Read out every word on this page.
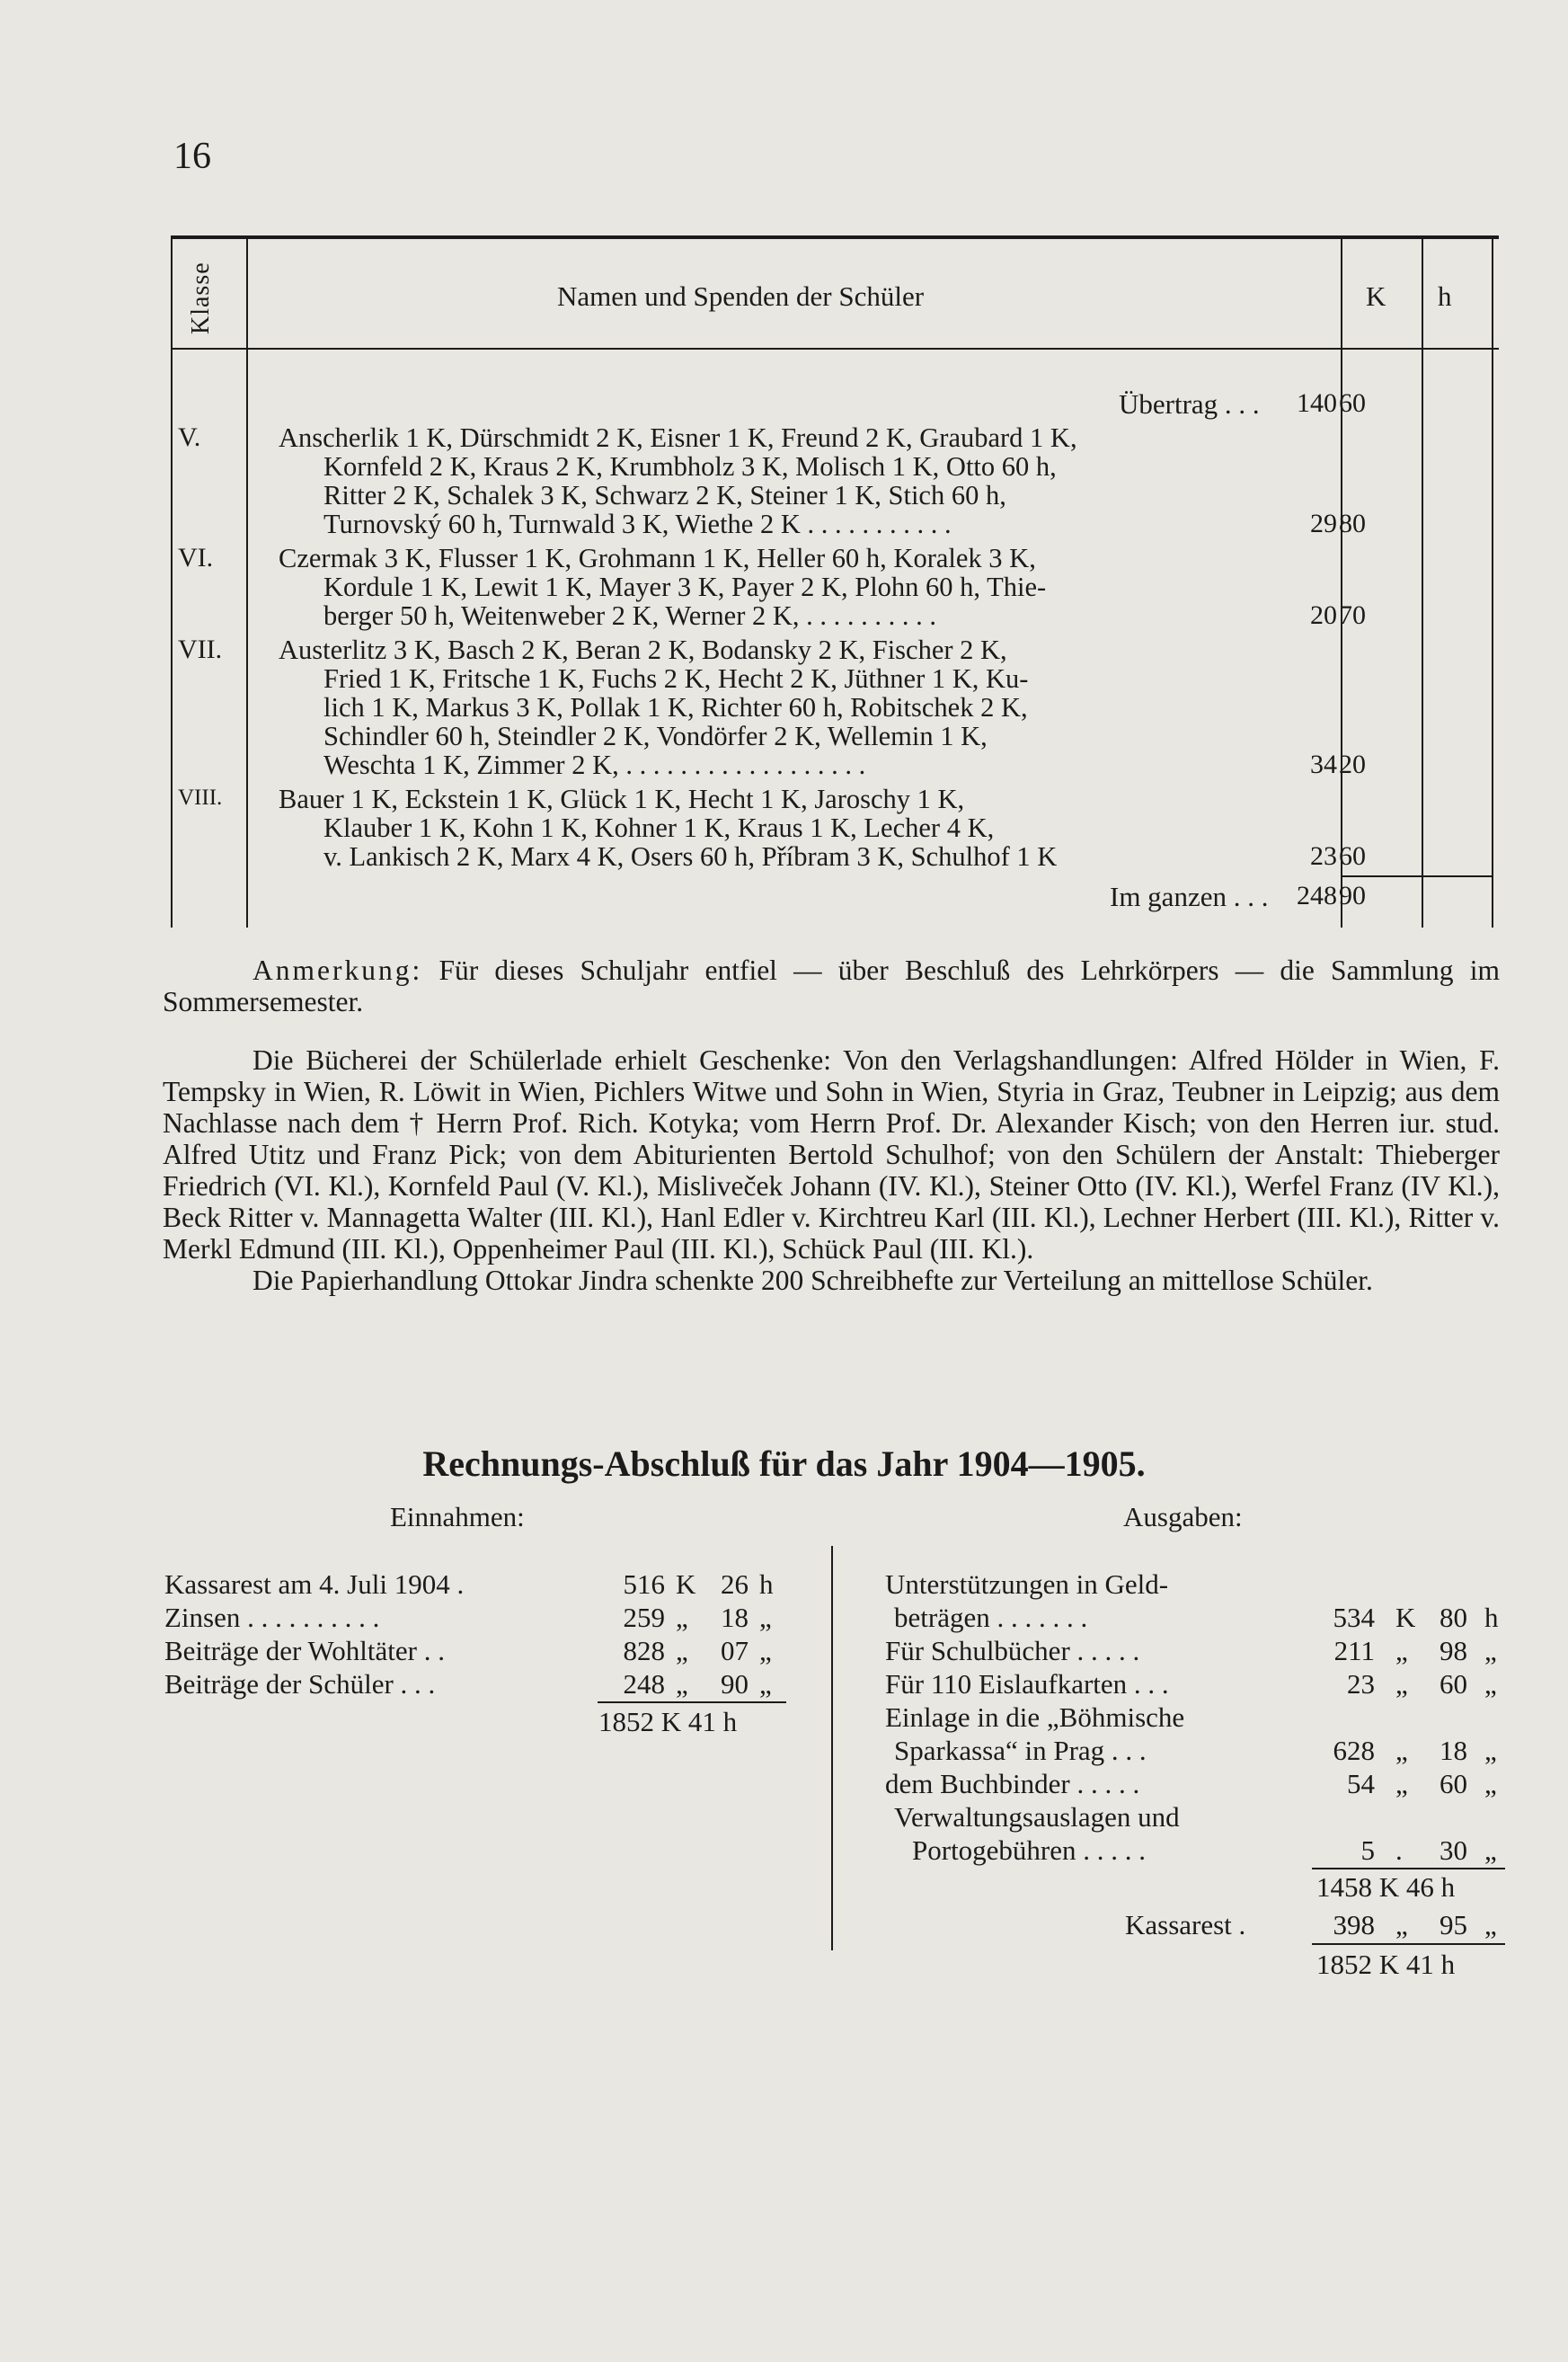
16
Klasse	Namen und Spenden der Schüler	K h
Übertrag . . .	140 60
V.	Anscherlik 1 K, Dürschmidt 2 K, Eisner 1 K, Freund 2 K, Graubard 1 K,
Kornfeld 2 K, Kraus 2 K, Krumbholz 3 K, Molisch 1 K, Otto 60 h,
Ritter 2 K, Schalek 3 K, Schwarz 2 K, Steiner 1 K, Stich 60 h,
Turnovský 60 h, Turnwald 3 K, Wiethe 2 K . . . . . . . . . . .	29 80
VI. Czermak 3 K, Flusser 1 K, Grohmann 1 K, Heller 60 h, Koralek 3 K,
Kordule 1 K, Lewit 1 K, Mayer 3 K, Payer 2 K, Plohn 60 h, Thie-
berger 50 h, Weitenweber 2 K, Werner 2 K, . . . . . . . . . .	20 70
VII. Austerlitz 3 K, Basch 2 K, Beran 2 K, Bodansky 2 K, Fischer 2 K,
Fried 1 K, Fritsche 1 K, Fuchs 2 K, Hecht 2 K, Jüthner 1 K, Ku-
lich 1 K, Markus 3 K, Pollak 1 K, Richter 60 h, Robitschek 2 K,
Schindler 60 h, Steindler 2 K, Vondörfer 2 K, Wellemin 1 K,
Weschta 1 K, Zimmer 2 K, . . . . . . . . . . . . . . . . . .	34 20
VIII. Bauer 1 K, Eckstein 1 K, Glück 1 K, Hecht 1 K, Jaroschy 1 K,
Klauber 1 K, Kohn 1 K, Kohner 1 K, Kraus 1 K, Lecher 4 K,
v. Lankisch 2 K, Marx 4 K, Osers 60 h, Příbram 3 K, Schulhof 1 K	23 60
Im ganzen . . .	248 90

Anmerkung: Für dieses Schuljahr entfiel — über Beschluß des Lehrkörpers — die Sammlung im Sommersemester.

Die Bücherei der Schülerlade erhielt Geschenke: Von den Verlagshandlungen: Alfred Hölder in Wien, F. Tempsky in Wien, R. Löwit in Wien, Pichlers Witwe und Sohn in Wien, Styria in Graz, Teubner in Leipzig; aus dem Nachlasse nach dem † Herrn Prof. Rich. Kotyka; vom Herrn Prof. Dr. Alexander Kisch; von den Herren iur. stud. Alfred Utitz und Franz Pick; von dem Abiturienten Bertold Schulhof; von den Schülern der Anstalt: Thieberger Friedrich (VI. Kl.), Kornfeld Paul (V. Kl.), Misliveček Johann (IV. Kl.), Steiner Otto (IV. Kl.), Werfel Franz (IV Kl.), Beck Ritter v. Mannagetta Walter (III. Kl.), Hanl Edler v. Kirchtreu Karl (III. Kl.), Lechner Herbert (III. Kl.), Ritter v. Merkl Edmund (III. Kl.), Oppenheimer Paul (III. Kl.), Schück Paul (III. Kl.).

Die Papierhandlung Ottokar Jindra schenkte 200 Schreibhefte zur Verteilung an mittellose Schüler.

Rechnungs-Abschluß für das Jahr 1904—1905.
Einnahmen:	Ausgaben:
Kassarest am 4. Juli 1904 .	516 K 26 h
Zinsen . . . . . . . . . .	259 „	18 „
Beiträge der Wohltäter . .	828 „	07 „
Beiträge der Schüler . . .	248 „	90 „
1852 K 41 h
Unterstützungen in Geld-
beträgen . . . . . . .	534 K 80 h
Für Schulbücher . . . . .	211 „	98 „
Für 110 Eislaufkarten . . .	23 „	60 „
Einlage in die „Böhmische
Sparkassa“ in Prag . . .	628 „	18 „
dem Buchbinder . . . . .	54 „	60 „
Verwaltungsauslagen und
Portogebühren . . . . .	5 .	30 „
1458 K 46 h
Kassarest .	398 „	95 „
1852 K 41 h
